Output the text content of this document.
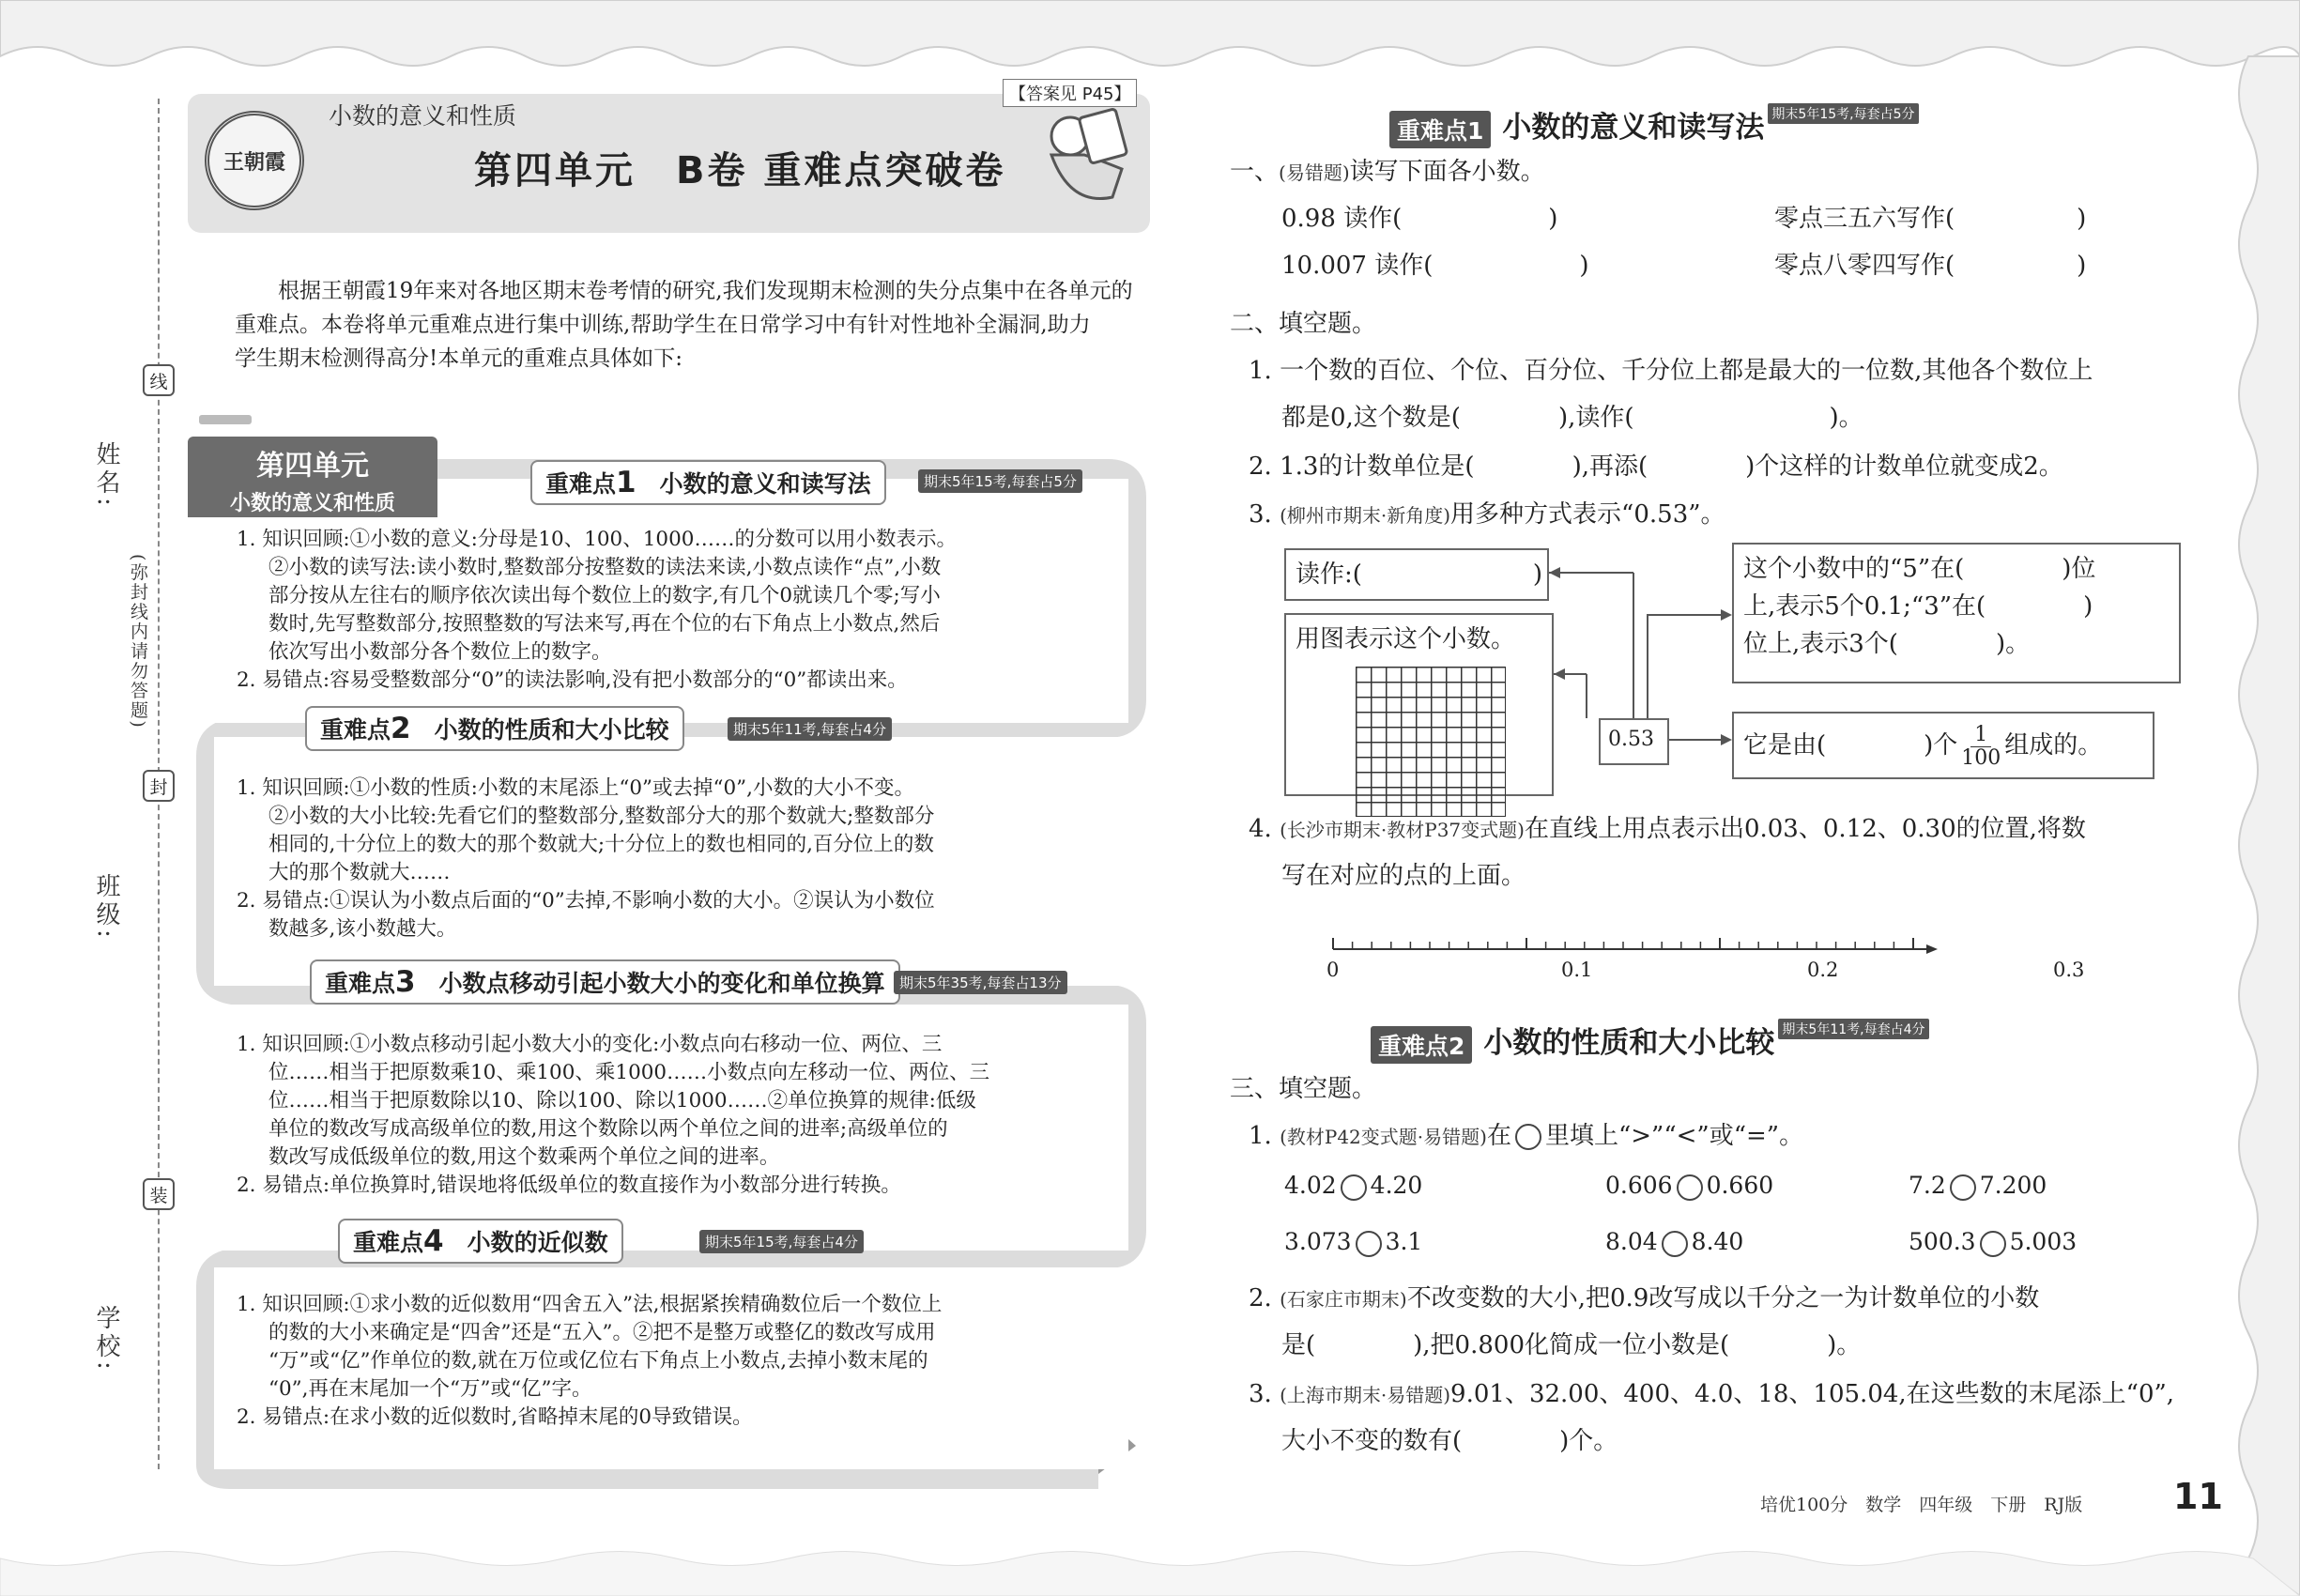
姓名:
班级:
学校:
线
封
装
(弥封线内请勿答题)
王朝霞
小数的意义和性质
第四单元　B卷 重难点突破卷
【答案见 P45】
根据王朝霞19年来对各地区期末卷考情的研究,我们发现期末检测的失分点集中在各单元的
重难点。本卷将单元重难点进行集中训练,帮助学生在日常学习中有针对性地补全漏洞,助力
学生期末检测得高分!本单元的重难点具体如下:
第四单元
小数的意义和性质
重难点1　 小数的意义和读写法	期末5年15考,每套占5分
1. 知识回顾:①小数的意义:分母是10、100、1000……的分数可以用小数表示。
②小数的读写法:读小数时,整数部分按整数的读法来读,小数点读作“点”,小数
部分按从左往右的顺序依次读出每个数位上的数字,有几个0就读几个零;写小
数时,先写整数部分,按照整数的写法来写,再在个位的右下角点上小数点,然后
依次写出小数部分各个数位上的数字。
2. 易错点:容易受整数部分“0”的读法影响,没有把小数部分的“0”都读出来。
重难点2　 小数的性质和大小比较	期末5年11考,每套占4分
1. 知识回顾:①小数的性质:小数的末尾添上“0”或去掉“0”,小数的大小不变。
②小数的大小比较:先看它们的整数部分,整数部分大的那个数就大;整数部分
相同的,十分位上的数大的那个数就大;十分位上的数也相同的,百分位上的数
大的那个数就大……
2. 易错点:①误认为小数点后面的“0”去掉,不影响小数的大小。②误认为小数位
数越多,该小数越大。
重难点3　 小数点移动引起小数大小的变化和单位换算	期末5年35考,每套占13分
1. 知识回顾:①小数点移动引起小数大小的变化:小数点向右移动一位、两位、三
位……相当于把原数乘10、乘100、乘1000……小数点向左移动一位、两位、三
位……相当于把原数除以10、除以100、除以1000……②单位换算的规律:低级
单位的数改写成高级单位的数,用这个数除以两个单位之间的进率;高级单位的
数改写成低级单位的数,用这个数乘两个单位之间的进率。
2. 易错点:单位换算时,错误地将低级单位的数直接作为小数部分进行转换。
重难点4　 小数的近似数	期末5年15考,每套占4分
1. 知识回顾:①求小数的近似数用“四舍五入”法,根据紧挨精确数位后一个数位上
的数的大小来确定是“四舍”还是“五入”。②把不是整万或整亿的数改写成用
“万”或“亿”作单位的数,就在万位或亿位右下角点上小数点,去掉小数末尾的
“0”,再在末尾加一个“万”或“亿”字。
2. 易错点:在求小数的近似数时,省略掉末尾的0导致错误。
重难点1 小数的意义和读写法 期末5年15考,每套占5分
一、(易错题)读写下面各小数。
0.98 读作(　　　　　　)	零点三五六写作(　　　　　)
10.007 读作(　　　　　　)	零点八零四写作(　　　　　)
二、填空题。
1. 一个数的百位、个位、百分位、千分位上都是最大的一位数,其他各个数位上
都是0,这个数是(　　　　),读作(　　　　　　　　)。
2. 1.3的计数单位是(　　　　),再添(　　　　)个这样的计数单位就变成2。
3. (柳州市期末·新角度)用多种方式表示“0.53”。
读作:(　　　　　　　)
用图表示这个小数。
0.53
这个小数中的“5”在(　　　　)位
上,表示5个0.1;“3”在(　　　　)
位上,表示3个(　　　　)。
它是由(　　　　)个 $\frac{1}{100}$ 组成的。
4. (长沙市期末·教材P37变式题)在直线上用点表示出0.03、0.12、0.30的位置,将数
写在对应的点的上面。
0	0.1	0.2	0.3
重难点2 小数的性质和大小比较 期末5年11考,每套占4分
三、填空题。
1. (教材P42变式题·易错题)在 里填上“>”“<”或“=”。
4.02 4.20	0.606 0.660	7.2 7.200
3.073 3.1	8.04 8.40	500.3 5.003
2. (石家庄市期末)不改变数的大小,把0.9改写成以千分之一为计数单位的小数
是(　　　　),把0.800化简成一位小数是(　　　　)。
3. (上海市期末·易错题)9.01、32.00、400、4.0、18、105.04,在这些数的末尾添上“0”,
大小不变的数有(　　　　)个。
培优100分　数学　四年级　下册　RJ版	11
